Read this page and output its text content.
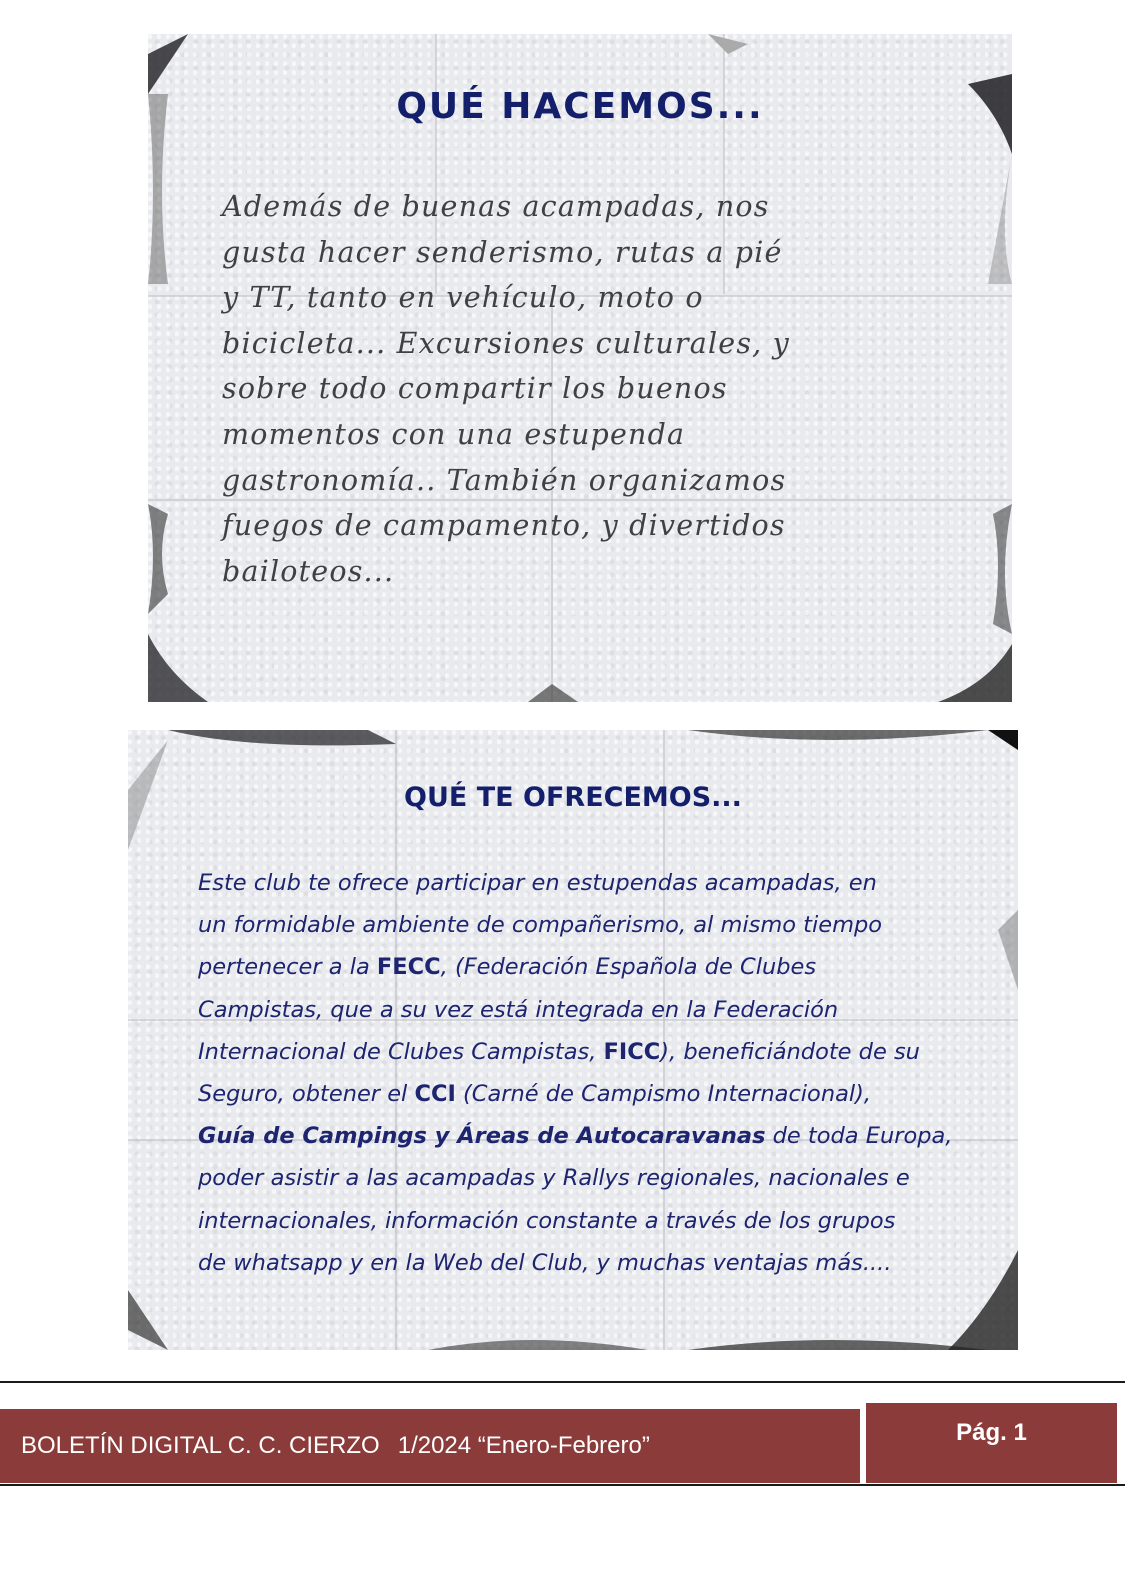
QUÉ HACEMOS...
Además de buenas acampadas, nos
gusta hacer senderismo, rutas a pié
y TT, tanto en vehículo, moto o
bicicleta... Excursiones culturales, y
sobre todo compartir los buenos
momentos con una estupenda
gastronomía.. También organizamos
fuegos de campamento, y divertidos
bailoteos...
QUÉ TE OFRECEMOS...
Este club te ofrece participar en estupendas acampadas, en
un formidable ambiente de compañerismo, al mismo tiempo
pertenecer a la FECC, (Federación Española de Clubes
Campistas, que a su vez está integrada en la Federación
Internacional de Clubes Campistas, FICC), beneficiándote de su
Seguro, obtener el CCI (Carné de Campismo Internacional),
Guía de Campings y Áreas de Autocaravanas de toda Europa,
poder asistir a las acampadas y Rallys regionales, nacionales e
internacionales, información constante a través de los grupos
de whatsapp y en la Web del Club, y muchas ventajas más....
BOLETÍN DIGITAL C. C. CIERZO 1/2024 “Enero-Febrero”	Pág. 1
